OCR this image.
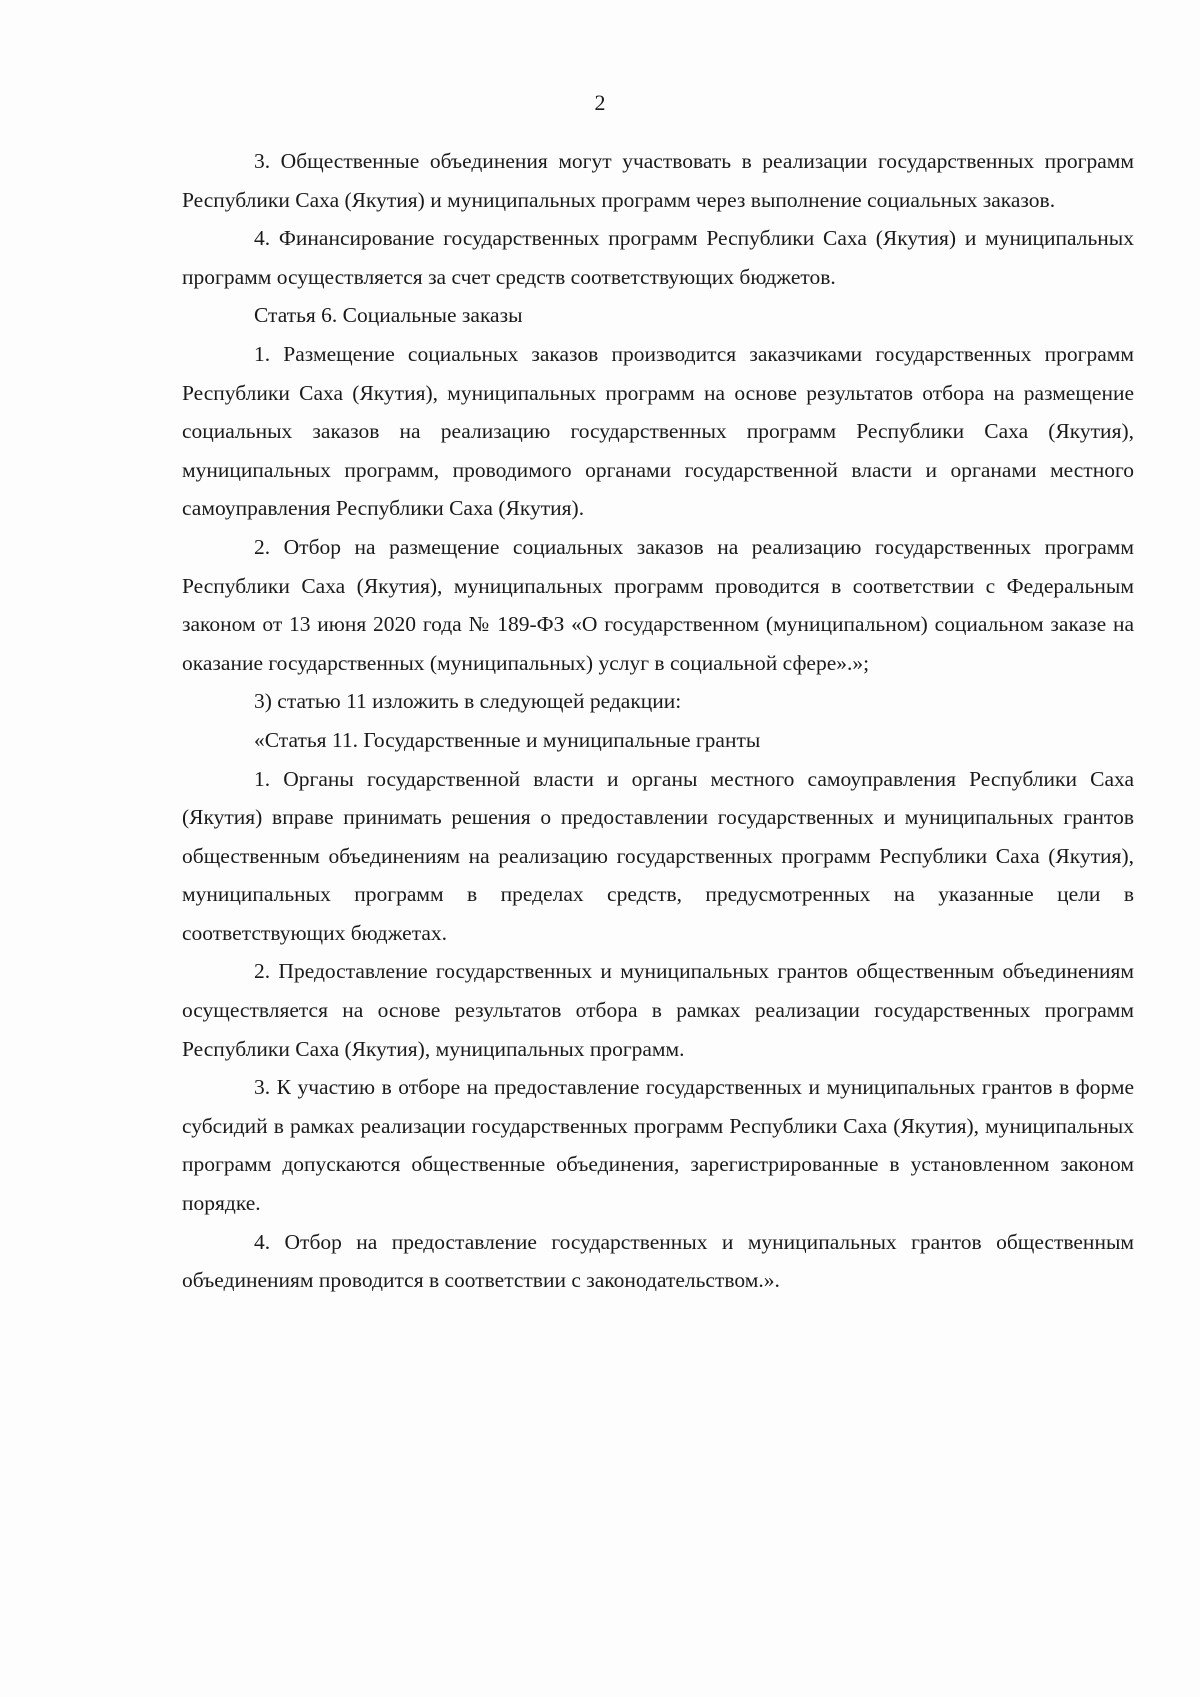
2

3. Общественные объединения могут участвовать в реализации государственных программ Республики Саха (Якутия) и муниципальных программ через выполнение социальных заказов.

4. Финансирование государственных программ Республики Саха (Якутия) и муниципальных программ осуществляется за счет средств соответствующих бюджетов.

Статья 6. Социальные заказы

1. Размещение социальных заказов производится заказчиками государственных программ Республики Саха (Якутия), муниципальных программ на основе результатов отбора на размещение социальных заказов на реализацию государственных программ Республики Саха (Якутия), муниципальных программ, проводимого органами государственной власти и органами местного самоуправления Республики Саха (Якутия).

2. Отбор на размещение социальных заказов на реализацию государственных программ Республики Саха (Якутия), муниципальных программ проводится в соответствии с Федеральным законом от 13 июня 2020 года № 189-ФЗ «О государственном (муниципальном) социальном заказе на оказание государственных (муниципальных) услуг в социальной сфере».»;

3) статью 11 изложить в следующей редакции:

«Статья 11. Государственные и муниципальные гранты

1. Органы государственной власти и органы местного самоуправления Республики Саха (Якутия) вправе принимать решения о предоставлении государственных и муниципальных грантов общественным объединениям на реализацию государственных программ Республики Саха (Якутия), муниципальных программ в пределах средств, предусмотренных на указанные цели в соответствующих бюджетах.

2. Предоставление государственных и муниципальных грантов общественным объединениям осуществляется на основе результатов отбора в рамках реализации государственных программ Республики Саха (Якутия), муниципальных программ.

3. К участию в отборе на предоставление государственных и муниципальных грантов в форме субсидий в рамках реализации государственных программ Республики Саха (Якутия), муниципальных программ допускаются общественные объединения, зарегистрированные в установленном законом порядке.

4. Отбор на предоставление государственных и муниципальных грантов общественным объединениям проводится в соответствии с законодательством.».
